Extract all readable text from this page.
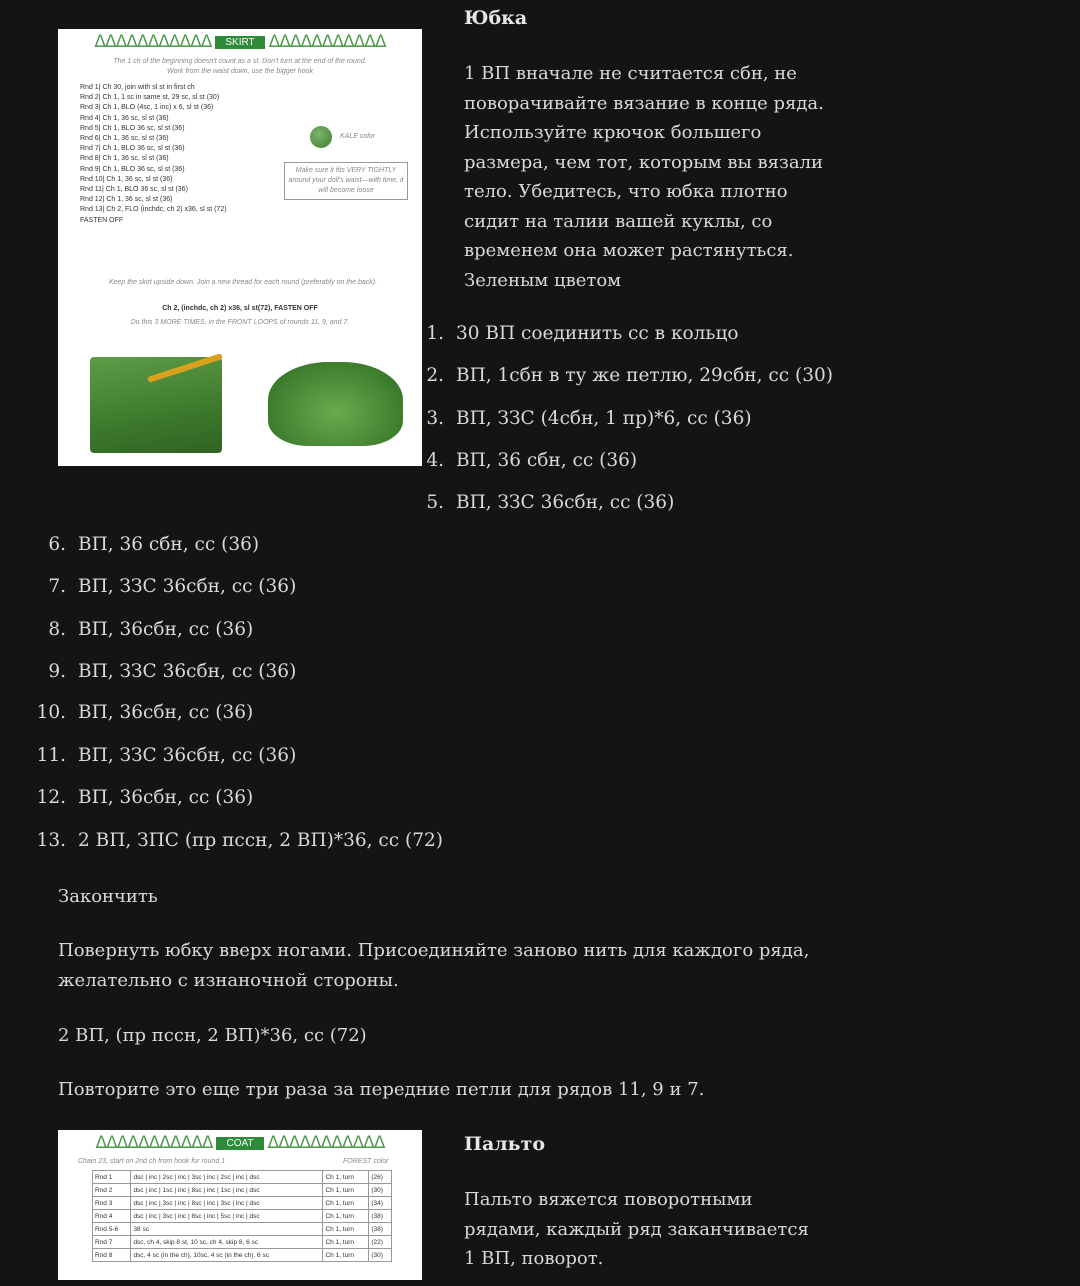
ᐃᐃᐃᐃᐃᐃᐃᐃᐃᐃᐃ	SKIRT ᐃᐃᐃᐃᐃᐃᐃᐃᐃᐃᐃ
The 1 ch of the beginning doesn't count as a st. Don't turn at the end of the round. Work from the waist down, use the bigger hook
Rnd 1| Ch 30, join with sl st in first ch
Rnd 2| Ch 1, 1 sc in same st, 29 sc, sl st (30)
Rnd 3| Ch 1, BLO (4sc, 1 inc) x 6, sl st (36)
Rnd 4| Ch 1, 36 sc, sl st (36)
Rnd 5| Ch 1, BLO 36 sc, sl st (36)
Rnd 6| Ch 1, 36 sc, sl st (36)
Rnd 7| Ch 1, BLO 36 sc, sl st (36)
Rnd 8| Ch 1, 36 sc, sl st (36)
Rnd 9| Ch 1, BLO 36 sc, sl st (36)
Rnd 10| Ch 1, 36 sc, sl st (36)
Rnd 11| Ch 1, BLO 36 sc, sl st (36)
Rnd 12| Ch 1, 36 sc, sl st (36)
Rnd 13| Ch 2, FLO (inchdc, ch 2) x36, sl st (72)
FASTEN OFF
KALE color
Make sure it fits VERY TIGHTLY around your doll's waist—with time, it will become loose
Keep the skirt upside down. Join a new thread for each round (preferably on the back).
Ch 2, (inchdc, ch 2) x36, sl st(72), FASTEN OFF
Do this 3 MORE TIMES, in the FRONT LOOPS of rounds 11, 9, and 7.
Юбка
1 ВП вначале не считается сбн, не поворачивайте вязание в конце ряда. Используйте крючок большего размера, чем тот, которым вы вязали тело. Убедитесь, что юбка плотно сидит на талии вашей куклы, со временем она может растянуться. Зеленым цветом
1. 30 ВП соединить сс в кольцо
2. ВП, 1сбн в ту же петлю, 29сбн, сс (30)
3. ВП, ЗЗС (4сбн, 1 пр)*6, сс (36)
4. ВП, 36 сбн, сс (36)
5. ВП, ЗЗС 36сбн, сс (36)
6. ВП, 36 сбн, сс (36)
7. ВП, ЗЗС 36сбн, сс (36)
8. ВП, 36сбн, сс (36)
9. ВП, ЗЗС 36сбн, сс (36)
10. ВП, 36сбн, сс (36)
11. ВП, ЗЗС 36сбн, сс (36)
12. ВП, 36сбн, сс (36)
13. 2 ВП, ЗПС (пр пссн, 2 ВП)*36, сс (72)
Закончить
Повернуть юбку вверх ногами. Присоединяйте заново нить для каждого ряда, желательно с изнаночной стороны.
2 ВП, (пр пссн, 2 ВП)*36, сс (72)
Повторите это еще три раза за передние петли для рядов 11, 9 и 7.
ᐃᐃᐃᐃᐃᐃᐃᐃᐃᐃᐃ	COAT ᐃᐃᐃᐃᐃᐃᐃᐃᐃᐃᐃ
Chain 23, start on 2nd ch from hook for round 1	FOREST color
Rnd 1	dsc | inc | 2sc | inc | 3sc | inc | 2sc | inc | dsc	Ch 1, turn	(26)
Rnd 2	dsc | inc | 1sc | inc | 8sc | inc | 1sc | inc | dsc	Ch 1, turn	(30)
Rnd 3	dsc | inc | 3sc | inc | 8sc | inc | 3sc | inc | dsc	Ch 1, turn	(34)
Rnd 4	dsc | inc | 3sc | inc | 8sc | inc | 5sc | inc | dsc	Ch 1, turn	(38)
Rnd 5-6	38 sc	Ch 1, turn	(38)
Rnd 7	dsc, ch 4, skip 8 st, 10 sc, ch 4, skip 8, 6 sc	Ch 1, turn	(22)
Rnd 8	dsc, 4 sc (in the ch), 10sc, 4 sc (in the ch), 6 sc	Ch 1, turn	(30)
Пальто
Пальто вяжется поворотными рядами, каждый ряд заканчивается 1 ВП, поворот.
